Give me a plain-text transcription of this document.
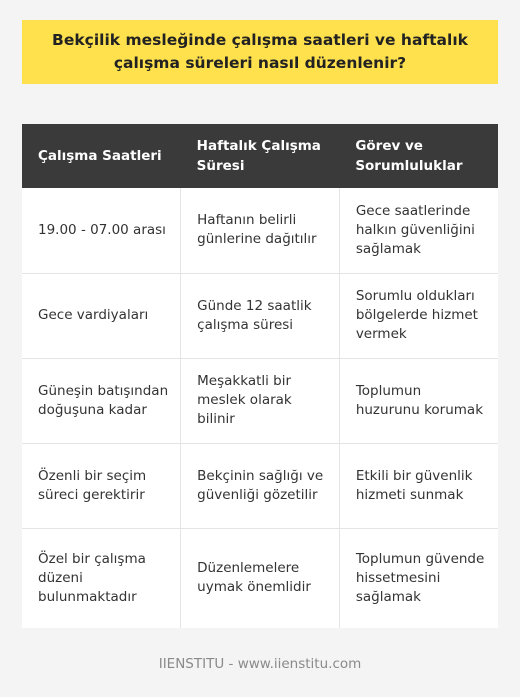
Bekçilik mesleğinde çalışma saatleri ve haftalık çalışma süreleri nasıl düzenlenir?
Çalışma Saatleri	Haftalık Çalışma Süresi	Görev ve Sorumluluklar
19.00 - 07.00 arası	Haftanın belirli günlerine dağıtılır	Gece saatlerinde halkın güvenliğini sağlamak
Gece vardiyaları	Günde 12 saatlik çalışma süresi	Sorumlu oldukları bölgelerde hizmet vermek
Güneşin batışından doğuşuna kadar	Meşakkatli bir meslek olarak bilinir	Toplumun huzurunu korumak
Özenli bir seçim süreci gerektirir	Bekçinin sağlığı ve güvenliği gözetilir	Etkili bir güvenlik hizmeti sunmak
Özel bir çalışma düzeni bulunmaktadır	Düzenlemelere uymak önemlidir	Toplumun güvende hissetmesini sağlamak
IIENSTITU - www.iienstitu.com
